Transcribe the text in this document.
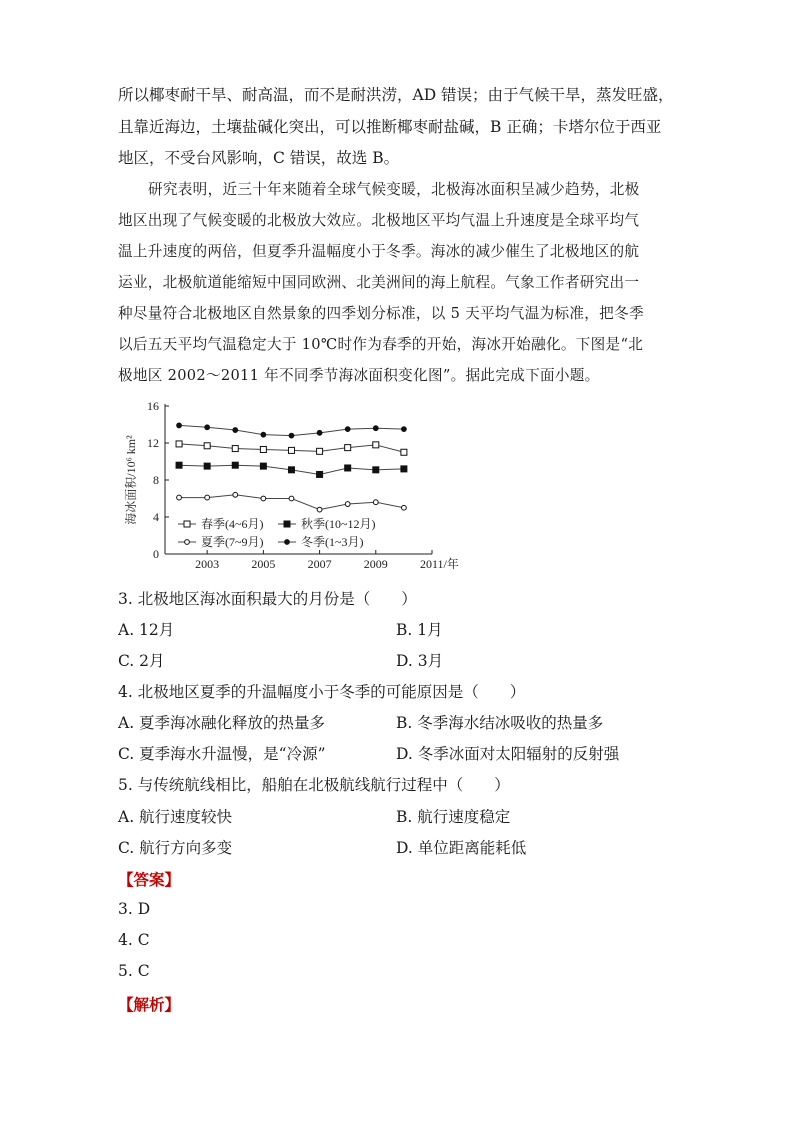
所以椰枣耐干旱、耐高温，而不是耐洪涝，AD 错误；由于气候干旱，蒸发旺盛，
且靠近海边，土壤盐碱化突出，可以推断椰枣耐盐碱，B 正确；卡塔尔位于西亚
地区，不受台风影响，C 错误，故选 B。
研究表明，近三十年来随着全球气候变暖，北极海冰面积呈减少趋势，北极
地区出现了气候变暖的北极放大效应。北极地区平均气温上升速度是全球平均气
温上升速度的两倍，但夏季升温幅度小于冬季。海冰的减少催生了北极地区的航
运业，北极航道能缩短中国同欧洲、北美洲间的海上航程。气象工作者研究出一
种尽量符合北极地区自然景象的四季划分标准，以 5 天平均气温为标准，把冬季
以后五天平均气温稳定大于 10℃时作为春季的开始，海冰开始融化。下图是“北
极地区 2002～2011 年不同季节海冰面积变化图”。据此完成下面小题。
0
4
8
12
16
2003	2005	2007	2009	2011/年
海冰面积/10⁶ km²	春季(4~6月)	秋季(10~12月)
夏季(7~9月)	冬季(1~3月)
3. 北极地区海冰面积最大的月份是（　　）
A. 12月	B. 1月
C. 2月	D. 3月
4. 北极地区夏季的升温幅度小于冬季的可能原因是（　　）
A. 夏季海冰融化释放的热量多	B. 冬季海水结冰吸收的热量多
C. 夏季海水升温慢，是“冷源”	D. 冬季冰面对太阳辐射的反射强
5. 与传统航线相比，船舶在北极航线航行过程中（　　）
A. 航行速度较快	B. 航行速度稳定
C. 航行方向多变	D. 单位距离能耗低
【答案】
3. D
4. C
5. C
【解析】
